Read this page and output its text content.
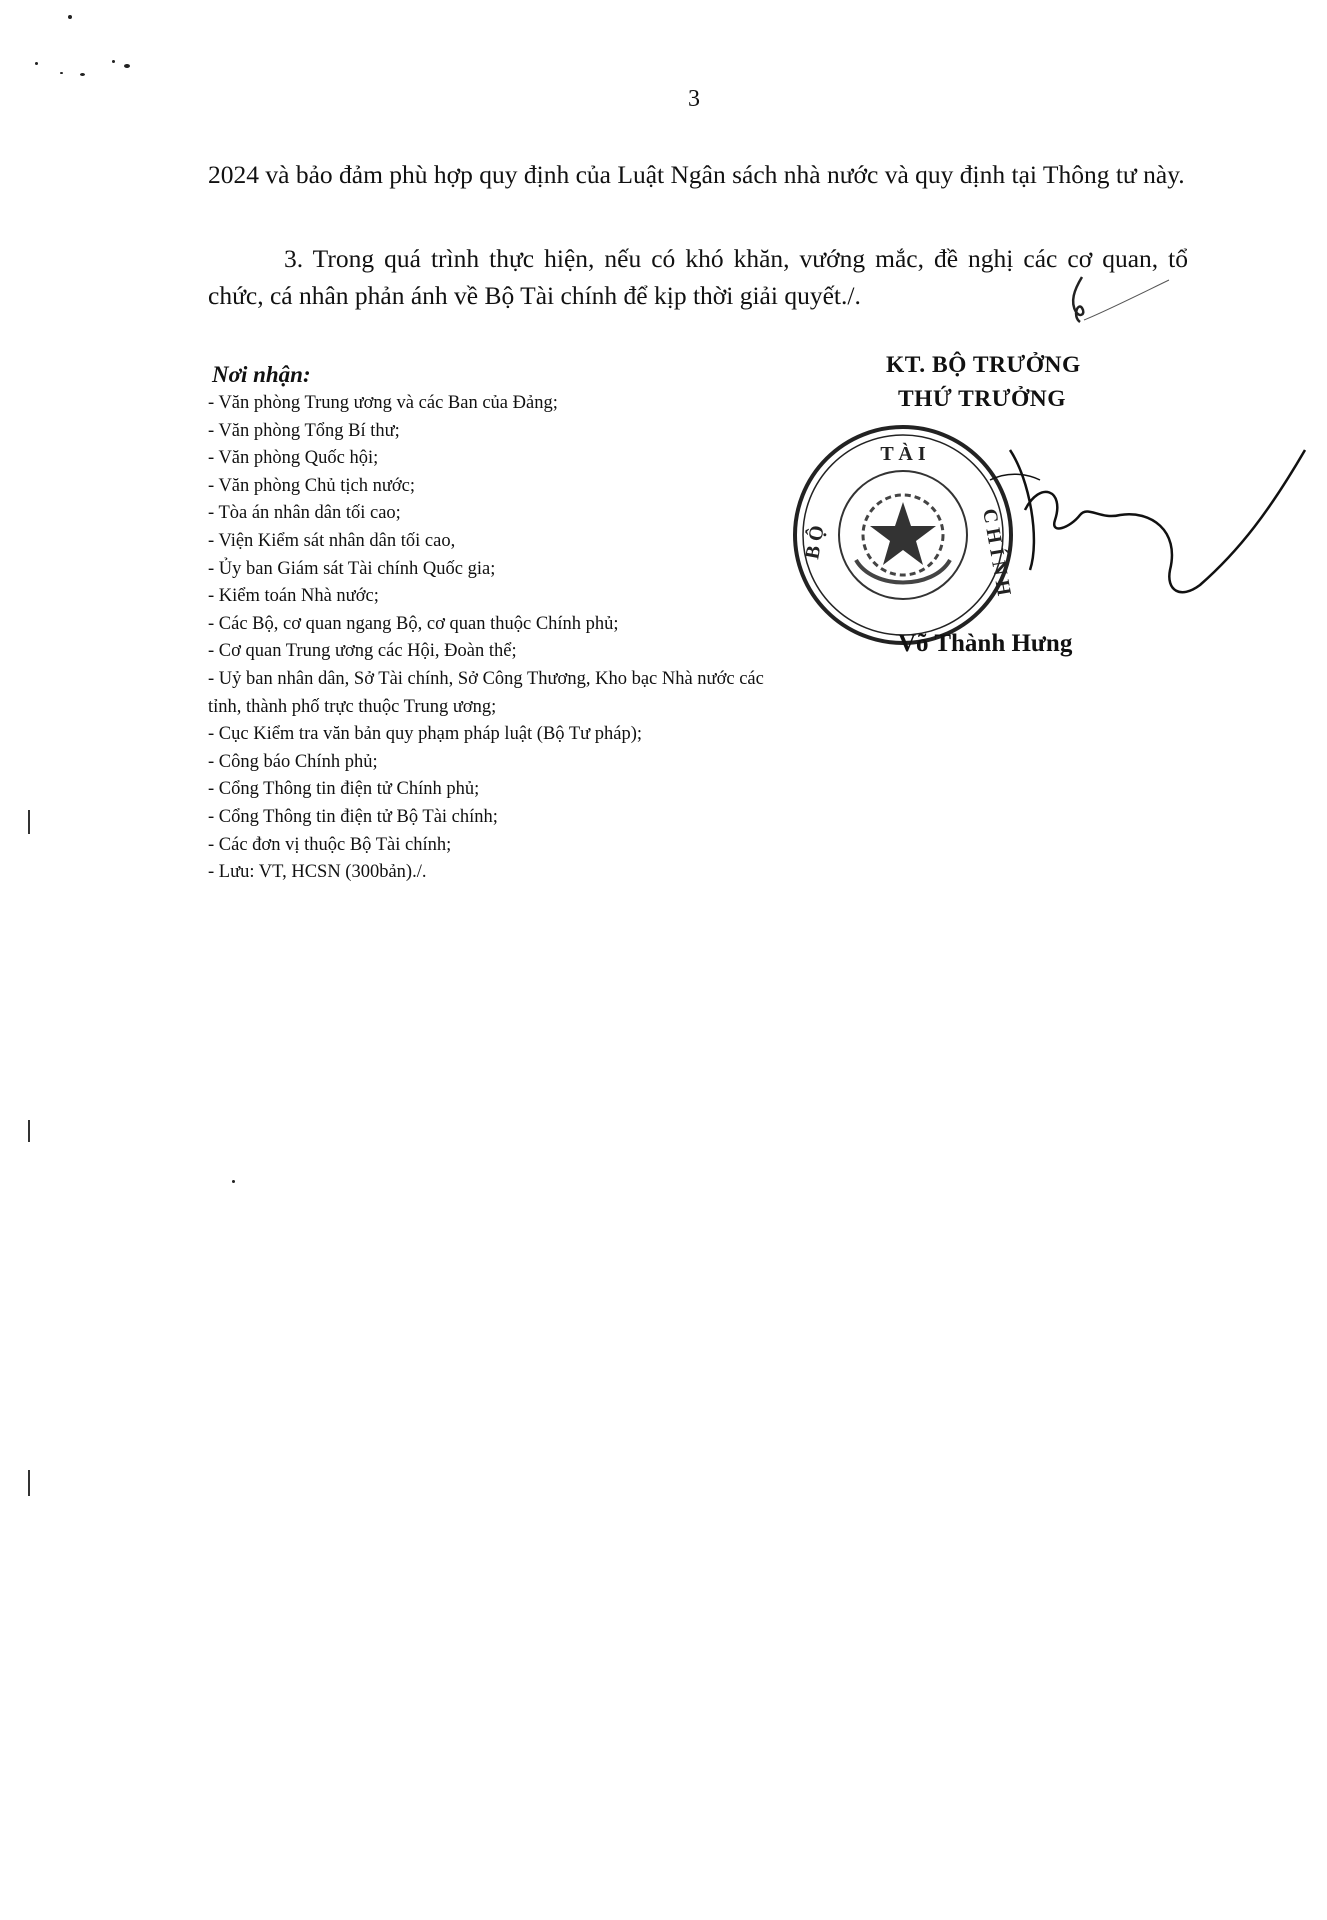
3

2024 và bảo đảm phù hợp quy định của Luật Ngân sách nhà nước và quy định tại Thông tư này.

3. Trong quá trình thực hiện, nếu có khó khăn, vướng mắc, đề nghị các cơ quan, tổ chức, cá nhân phản ánh về Bộ Tài chính để kịp thời giải quyết./.

Nơi nhận:
- Văn phòng Trung ương và các Ban của Đảng;
- Văn phòng Tổng Bí thư;
- Văn phòng Quốc hội;
- Văn phòng Chủ tịch nước;
- Tòa án nhân dân tối cao;
- Viện Kiểm sát nhân dân tối cao,
- Ủy ban Giám sát Tài chính Quốc gia;
- Kiểm toán Nhà nước;
- Các Bộ, cơ quan ngang Bộ, cơ quan thuộc Chính phủ;
- Cơ quan Trung ương các Hội, Đoàn thể;
- Uỷ ban nhân dân, Sở Tài chính, Sở Công Thương, Kho bạc Nhà nước các tỉnh, thành phố trực thuộc Trung ương;
- Cục Kiểm tra văn bản quy phạm pháp luật (Bộ Tư pháp);
- Công báo Chính phủ;
- Cổng Thông tin điện tử Chính phủ;
- Cổng Thông tin điện tử Bộ Tài chính;
- Các đơn vị thuộc Bộ Tài chính;
- Lưu: VT, HCSN (300bản)./.
KT. BỘ TRƯỞNG
THỨ TRƯỞNG
T À I
B Ộ	C H Í N H
Võ Thành Hưng
